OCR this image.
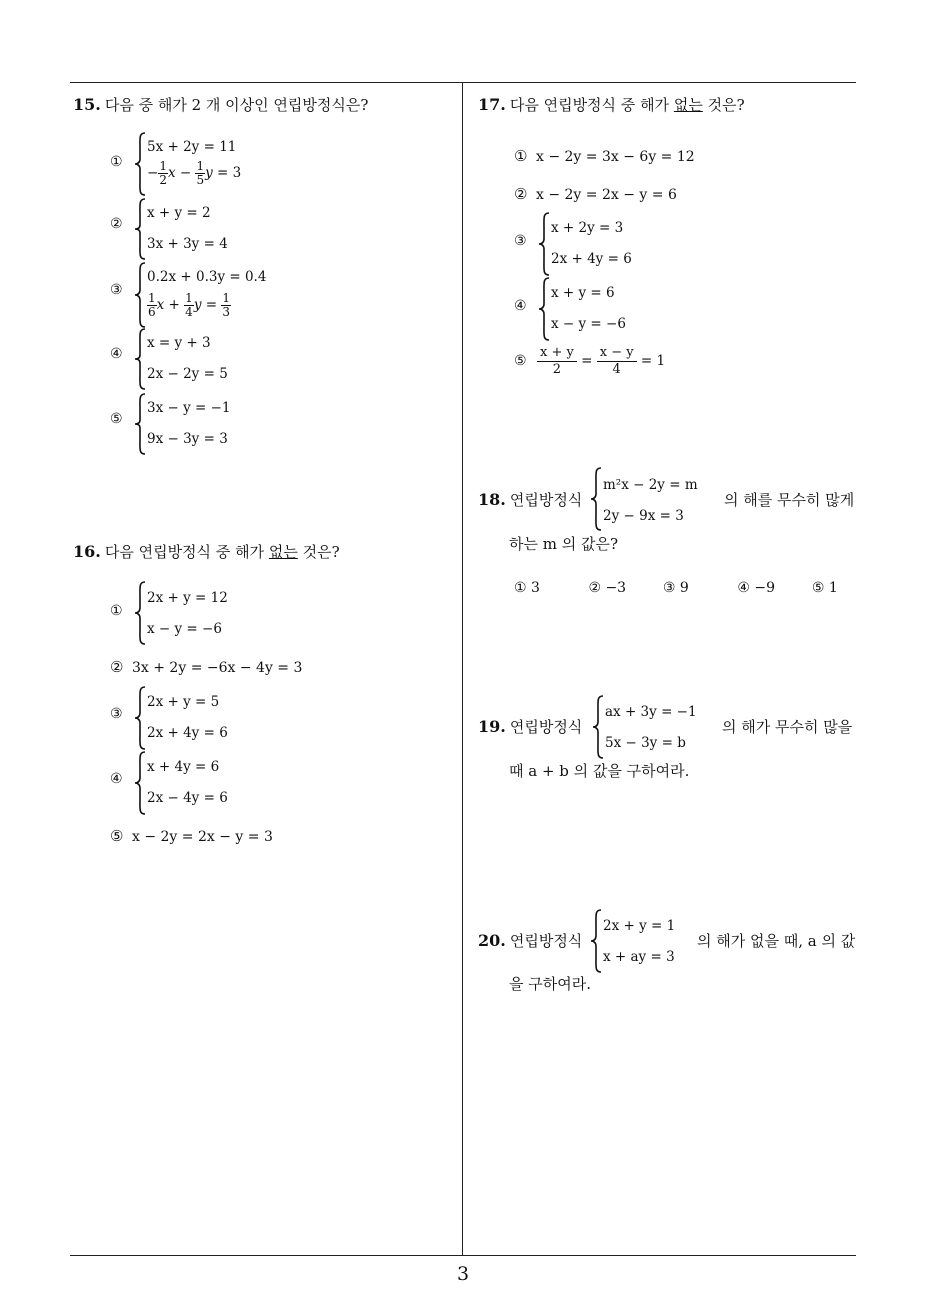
3
15. 다음 중 해가 2 개 이상인 연립방정식은?
①
5x + 2y = 11
− $\frac{1}{2}$ $x - \frac{1}{5}$ y = 3
②
x + y = 2
3x + 3y = 4
③
0.2x + 0.3y = 0.4
$\frac{1}{6}$ $x + \frac{1}{4}$ $y = \frac{1}{3}$
④
x = y + 3
2x − 2y = 5
⑤
3x − y = −1
9x − 3y = 3
16. 다음 연립방정식 중 해가 없는 것은?
①
2x + y = 12
x − y = −6
② 3x + 2y = −6x − 4y = 3
③
2x + y = 5
2x + 4y = 6
④
x + 4y = 6
2x − 4y = 6
⑤ x − 2y = 2x − y = 3
17. 다음 연립방정식 중 해가 없는 것은?
① x − 2y = 3x − 6y = 12
② x − 2y = 2x − y = 6
③
x + 2y = 3
2x + 4y = 6
④
x + y = 6
x − y = −6
⑤ $\frac{x + y}{2} = \frac{x - y}{4} = 1$
18. 연립방정식
m²x − 2y = m
2y − 9x = 3
의 해를 무수히 많게
하는 m 의 값은?
① 3	② −3	③ 9	④ −9	⑤ 1
19. 연립방정식
ax + 3y = −1
5x − 3y = b
의 해가 무수히 많을
때 a + b 의 값을 구하여라.
20. 연립방정식
2x + y = 1
x + ay = 3
의 해가 없을 때, a 의 값
을 구하여라.
